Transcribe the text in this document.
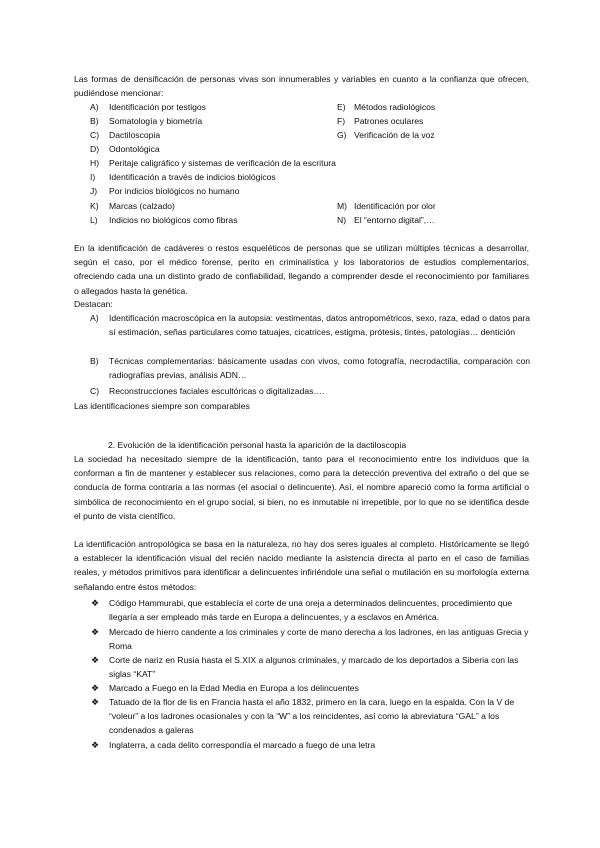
Las formas de densificación de personas vivas son innumerables y variables en cuanto a la confianza que ofrecen, pudiéndose mencionar:
A)	Identificación por testigos	E) Métodos radiológicos
B)	Somatología y biometría	F)	Patrones oculares
C)	Dactiloscopia	G) Verificación de la voz
D)	Odontológica
H)	Peritaje caligráfico y sistemas de verificación de la escritura
I)	Identificación a través de indicios biológicos
J)	Por indicios biológicos no humano
K)	Marcas (calzado)	M) Identificación por olor
L)	Indicios no biológicos como fibras	N) El “entorno digital”,…
En la identificación de cadáveres o restos esqueléticos de personas que se utilizan múltiples técnicas a desarrollar, según el caso, por el médico forense, perito en criminalística y los laboratorios de estudios complementarios, ofreciendo cada una un distinto grado de confiabilidad, llegando a comprender desde el reconocimiento por familiares o allegados hasta la genética.
Destacan:
A)	Identificación macroscópica en la autopsia: vestimentas, datos antropométricos, sexo, raza, edad o datos para sí estimación, señas particulares como tatuajes, cicatrices, estigma, prótesis, tintes, patologías… dentición
B)	Técnicas complementarias: básicamente usadas con vivos, como fotografía, necrodactilia, comparación con radiografías previas, análisis ADN…
C)	Reconstrucciones faciales escultóricas o digitalizadas….
Las identificaciones siempre son comparables
2. Evolución de la identificación personal hasta la aparición de la dactiloscopia
La sociedad ha necesitado siempre de la identificación, tanto para el reconocimiento entre los individuos que la conforman a fin de mantener y establecer sus relaciones, como para la detección preventiva del extraño o del que se conducía de forma contraria a las normas (el asocial o delincuente). Así, el nombre apareció como la forma artificial o simbólica de reconocimiento en el grupo social, si bien, no es inmutable ni irrepetible, por lo que no se identifica desde el punto de vista científico.
La identificación antropológica se basa en la naturaleza, no hay dos seres iguales al completo. Históricamente se llegó a establecer la identificación visual del recién nacido mediante la asistencia directa al parto en el caso de familias reales, y métodos primitivos para identificar a delincuentes infiriéndole una señal o mutilación en su morfología externa señalando entre éstos métodos:
❖	Código Hammurabi, que establecía el corte de una oreja a determinados delincuentes, procedimiento que llegaría a ser empleado más tarde en Europa a delincuentes, y a esclavos en América.
❖	Mercado de hierro candente a los criminales y corte de mano derecha a los ladrones, en las antiguas Grecia y Roma
❖	Corte de nariz en Rusia hasta el S.XIX a algunos criminales, y marcado de los deportados a Siberia con las siglas “KAT”
❖	Marcado a Fuego en la Edad Media en Europa a los delincuentes
❖	Tatuado de la flor de lis en Francia hasta el año 1832, primero en la cara, luego en la espalda. Con la V de “voleur” a los ladrones ocasionales y con la “W” a los reincidentes, así como la abreviatura “GAL” a los condenados a galeras
❖	Inglaterra, a cada delito correspondía el marcado a fuego de una letra
